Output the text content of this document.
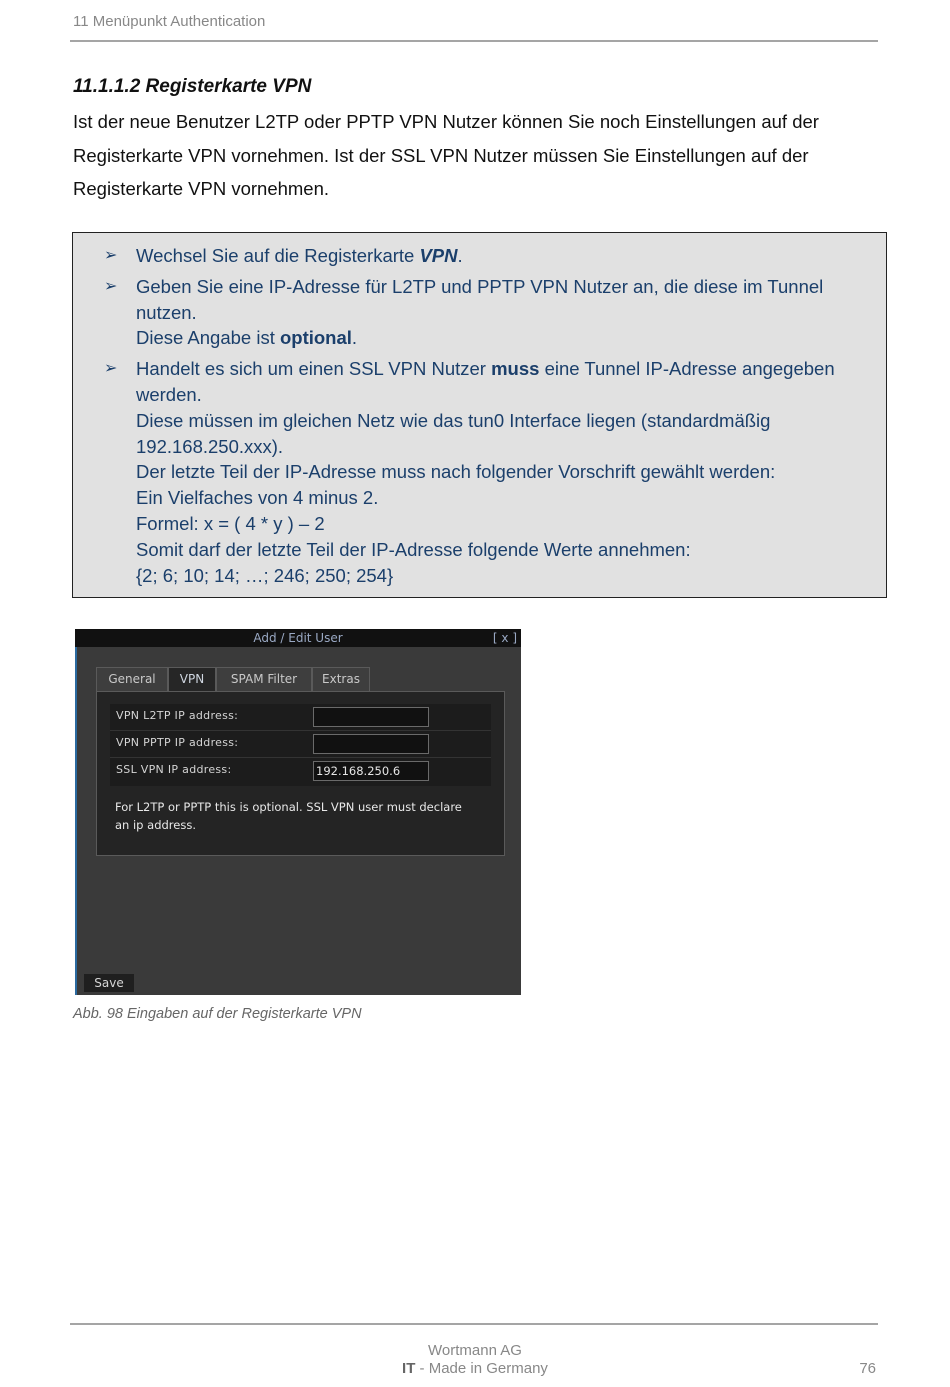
11 Menüpunkt Authentication
11.1.1.2 Registerkarte VPN

Ist der neue Benutzer L2TP oder PPTP VPN Nutzer können Sie noch Einstellungen auf der

Registerkarte VPN vornehmen. Ist der SSL VPN Nutzer müssen Sie Einstellungen auf der

Registerkarte VPN vornehmen.

➢	Wechsel Sie auf die Registerkarte VPN.
➢	Geben Sie eine IP-Adresse für L2TP und PPTP VPN Nutzer an, die diese im Tunnel
nutzen.
Diese Angabe ist optional.
➢	Handelt es sich um einen SSL VPN Nutzer muss eine Tunnel IP-Adresse angegeben
werden.
Diese müssen im gleichen Netz wie das tun0 Interface liegen (standardmäßig
192.168.250.xxx).
Der letzte Teil der IP-Adresse muss nach folgender Vorschrift gewählt werden:
Ein Vielfaches von 4 minus 2.
Formel: x = ( 4 * y ) – 2
Somit darf der letzte Teil der IP-Adresse folgende Werte annehmen:
{2; 6; 10; 14; …; 246; 250; 254}
Add / Edit User	[ x ]
General	VPN	SPAM Filter	Extras
VPN L2TP IP address:
VPN PPTP IP address:
SSL VPN IP address:	192.168.250.6
For L2TP or PPTP this is optional. SSL VPN user must declare
an ip address.
Save
Abb. 98 Eingaben auf der Registerkarte VPN
Wortmann AG
IT - Made in Germany	76
